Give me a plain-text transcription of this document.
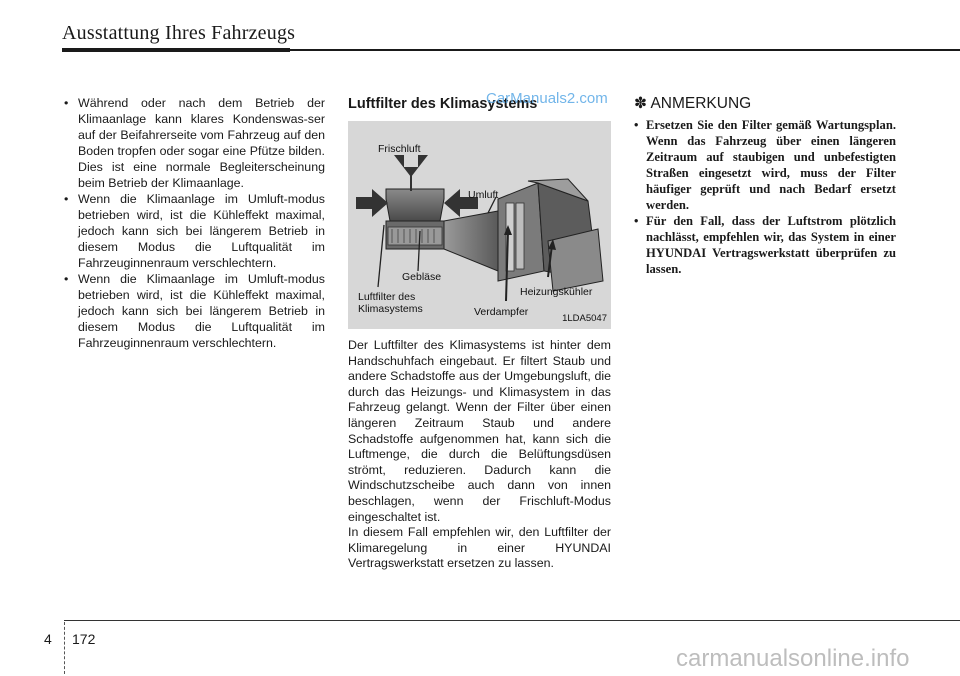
Ausstattung Ihres Fahrzeugs
• Während oder nach dem Betrieb der Klimaanlage kann klares Kondenswas-ser auf der Beifahrerseite vom Fahrzeug auf den Boden tropfen oder sogar eine Pfütze bilden. Dies ist eine normale Begleiterscheinung beim Betrieb der Klimaanlage.
• Wenn die Klimaanlage im Umluft-modus betrieben wird, ist die Kühleffekt maximal, jedoch kann sich bei längerem Betrieb in diesem Modus die Luftqualität im Fahrzeuginnenraum verschlechtern.
• Wenn die Klimaanlage im Umluft-modus betrieben wird, ist die Kühleffekt maximal, jedoch kann sich bei längerem Betrieb in diesem Modus die Luftqualität im Fahrzeuginnenraum verschlechtern.
Luftfilter des Klimasystems
Frischluft
Umluft
Gebläse
Luftfilter des
Klimasystems
Heizungskühler
Verdampfer
1LDA5047

Der Luftfilter des Klimasystems ist hinter dem Handschuhfach eingebaut. Er filtert Staub und andere Schadstoffe aus der Umgebungsluft, die durch das Heizungs- und Klimasystem in das Fahrzeug gelangt. Wenn der Filter über einen längeren Zeitraum Staub und andere Schadstoffe aufgenommen hat, kann sich die Luftmenge, die durch die Belüftungsdüsen strömt, reduzieren. Dadurch kann die Windschutzscheibe auch dann von innen beschlagen, wenn der Frischluft-Modus eingeschaltet ist.

In diesem Fall empfehlen wir, den Luftfilter der Klimaregelung in einer HYUNDAI Vertragswerkstatt ersetzen zu lassen.

CarManuals2.com ✽ ANMERKUNG
• Ersetzen Sie den Filter gemäß Wartungsplan. Wenn das Fahrzeug über einen längeren Zeitraum auf staubigen und unbefestigten Straßen eingesetzt wird, muss der Filter häufiger geprüft und nach Bedarf ersetzt werden.
• Für den Fall, dass der Luftstrom plötzlich nachlässt, empfehlen wir, das System in einer HYUNDAI Vertragswerkstatt überprüfen zu lassen.
4 172
carmanualsonline.info
